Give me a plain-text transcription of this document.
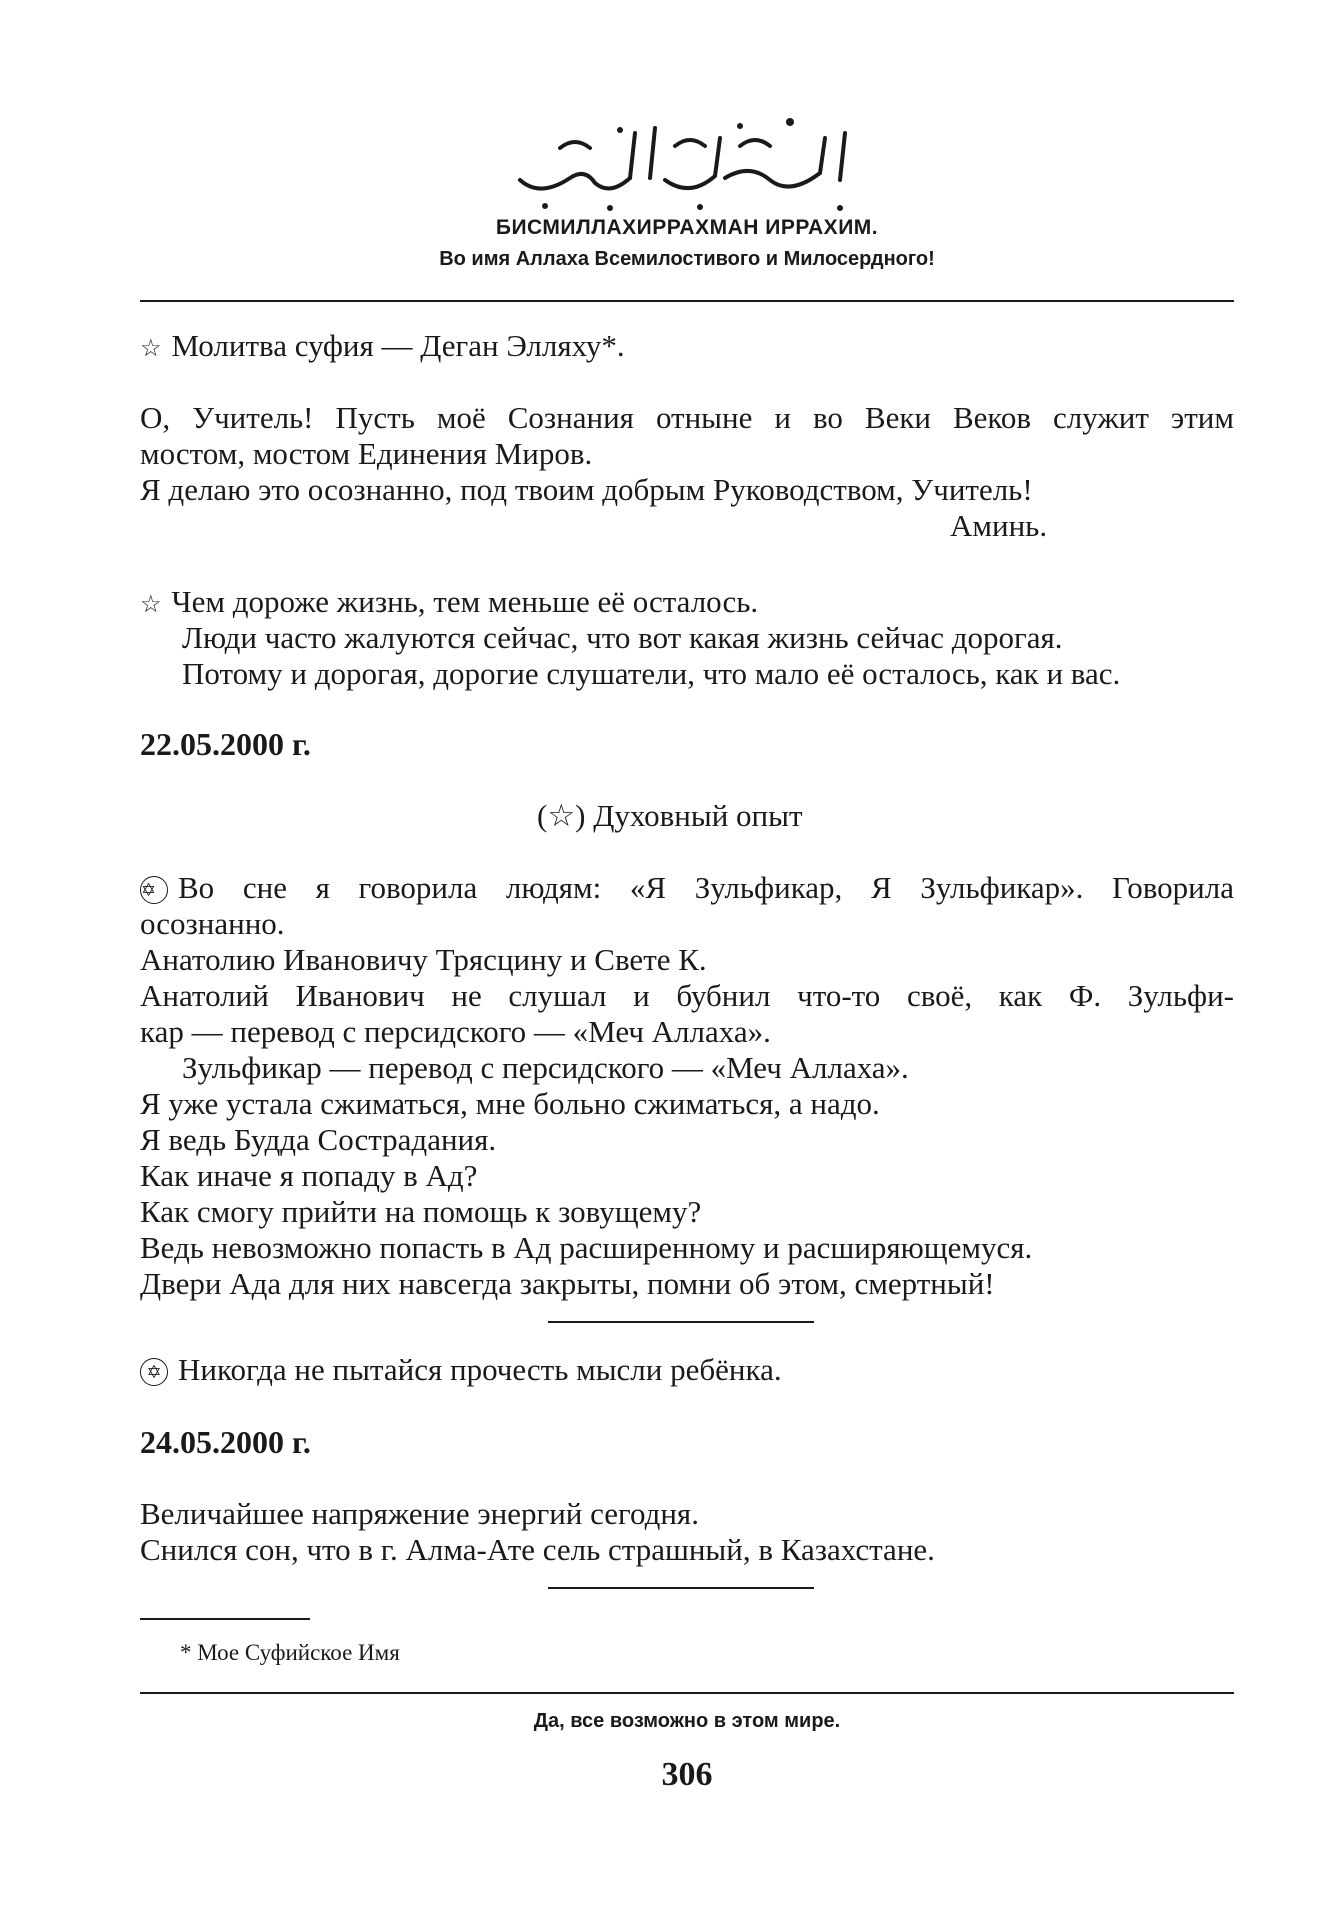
БИСМИЛЛАХИРРАХМАН ИРРАХИМ.
Во имя Аллаха Всемилостивого и Милосердного!
☆ Молитва суфия — Деган Элляху*.
О, Учитель! Пусть моё Сознания отныне и во Веки Веков служит этим
мостом, мостом Единения Миров.
Я делаю это осознанно, под твоим добрым Руководством, Учитель!
Аминь.
☆ Чем дороже жизнь, тем меньше её осталось.
Люди часто жалуются сейчас, что вот какая жизнь сейчас дорогая.
Потому и дорогая, дорогие слушатели, что мало её осталось, как и вас.
22.05.2000 г.
(☆) Духовный опыт
✡ Во сне я говорила людям: «Я Зульфикар, Я Зульфикар». Говорила
осознанно.
Анатолию Ивановичу Трясцину и Свете К.
Анатолий Иванович не слушал и бубнил что-то своё, как Ф. Зульфи-
кар — перевод с персидского — «Меч Аллаха».
Зульфикар — перевод с персидского — «Меч Аллаха».
Я уже устала сжиматься, мне больно сжиматься, а надо.
Я ведь Будда Сострадания.
Как иначе я попаду в Ад?
Как смогу прийти на помощь к зовущему?
Ведь невозможно попасть в Ад расширенному и расширяющемуся.
Двери Ада для них навсегда закрыты, помни об этом, смертный!
✡ Никогда не пытайся прочесть мысли ребёнка.
24.05.2000 г.
Величайшее напряжение энергий сегодня.
Снился сон, что в г. Алма-Ате сель страшный, в Казахстане.
* Мое Суфийское Имя
Да, все возможно в этом мире.
306
